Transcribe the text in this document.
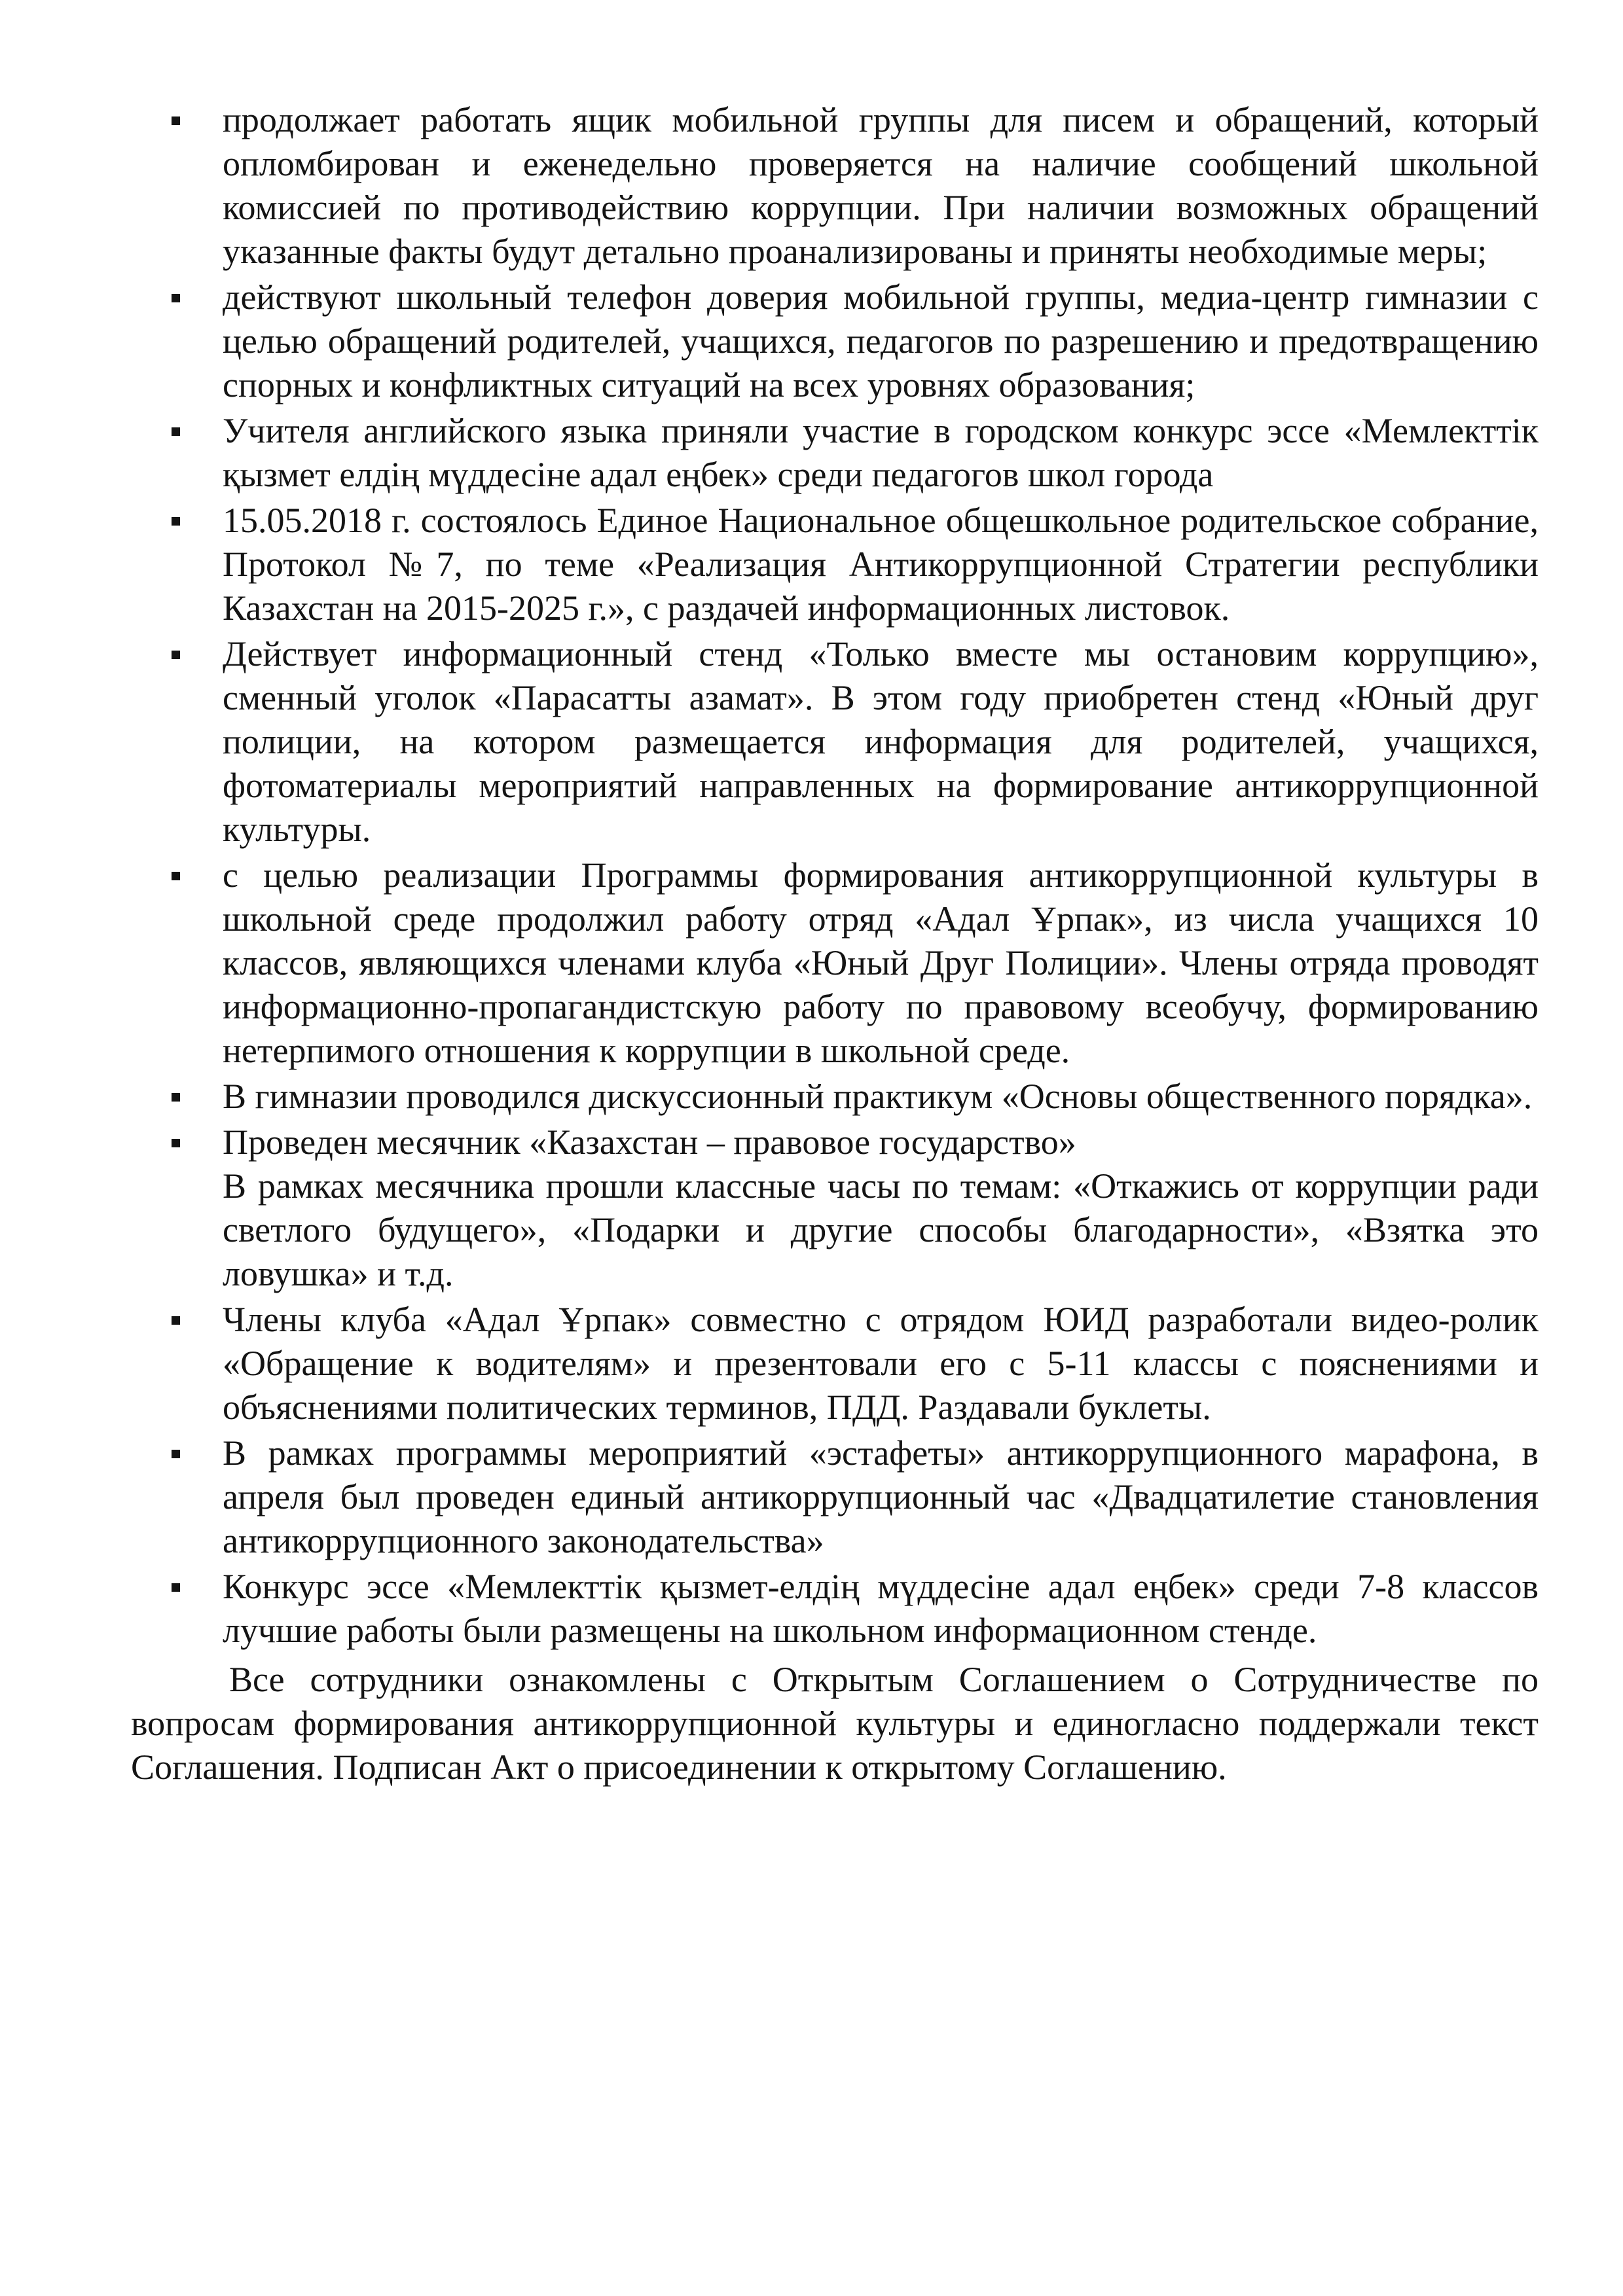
продолжает работать ящик мобильной группы для писем и обращений, который опломбирован и еженедельно проверяется на наличие сообщений школьной комиссией по противодействию коррупции. При наличии возможных обращений указанные факты будут детально проанализированы и приняты необходимые меры;
действуют школьный телефон доверия мобильной группы, медиа-центр гимназии с целью обращений родителей, учащихся, педагогов по разрешению и предотвращению спорных и конфликтных ситуаций на всех уровнях образования;
Учителя английского языка приняли участие в городском конкурс эссе «Мемлекттік қызмет елдің мүддесіне адал еңбек» среди педагогов школ города
15.05.2018 г. состоялось Единое Национальное общешкольное родительское собрание, Протокол №7, по теме «Реализация Антикоррупционной Стратегии республики Казахстан на 2015-2025 г.», с раздачей информационных листовок.
Действует информационный стенд «Только вместе мы остановим коррупцию», сменный уголок «Парасатты азамат». В этом году приобретен стенд «Юный друг полиции, на котором размещается информация для родителей, учащихся, фотоматериалы мероприятий направленных на формирование антикоррупционной культуры.
с целью реализации Программы формирования антикоррупционной культуры в школьной среде продолжил работу отряд «Адал Ұрпак», из числа учащихся 10 классов, являющихся членами клуба «Юный Друг Полиции». Члены отряда проводят информационно-пропагандистскую работу по правовому всеобучу, формированию нетерпимого отношения к коррупции в школьной среде.
В гимназии проводился дискуссионный практикум «Основы общественного порядка».
Проведен месячник «Казахстан – правовое государство»
В рамках месячника прошли классные часы по темам: «Откажись от коррупции ради светлого будущего», «Подарки и другие способы благодарности», «Взятка это ловушка» и т.д.
Члены клуба «Адал Ұрпак» совместно с отрядом ЮИД разработали видео-ролик «Обращение к водителям» и презентовали его с 5-11 классы с пояснениями и объяснениями политических терминов, ПДД. Раздавали буклеты.
В рамках программы мероприятий «эстафеты» антикоррупционного марафона, в апреля был проведен единый антикоррупционный час «Двадцатилетие становления антикоррупционного законодательства»
Конкурс эссе «Мемлекттік қызмет-елдің мүддесіне адал еңбек» среди 7-8 классов лучшие работы были размещены на школьном информационном стенде.

Все сотрудники ознакомлены с Открытым Соглашением о Сотрудничестве по вопросам формирования антикоррупционной культуры и единогласно поддержали текст Соглашения. Подписан Акт о присоединении к открытому Соглашению.
